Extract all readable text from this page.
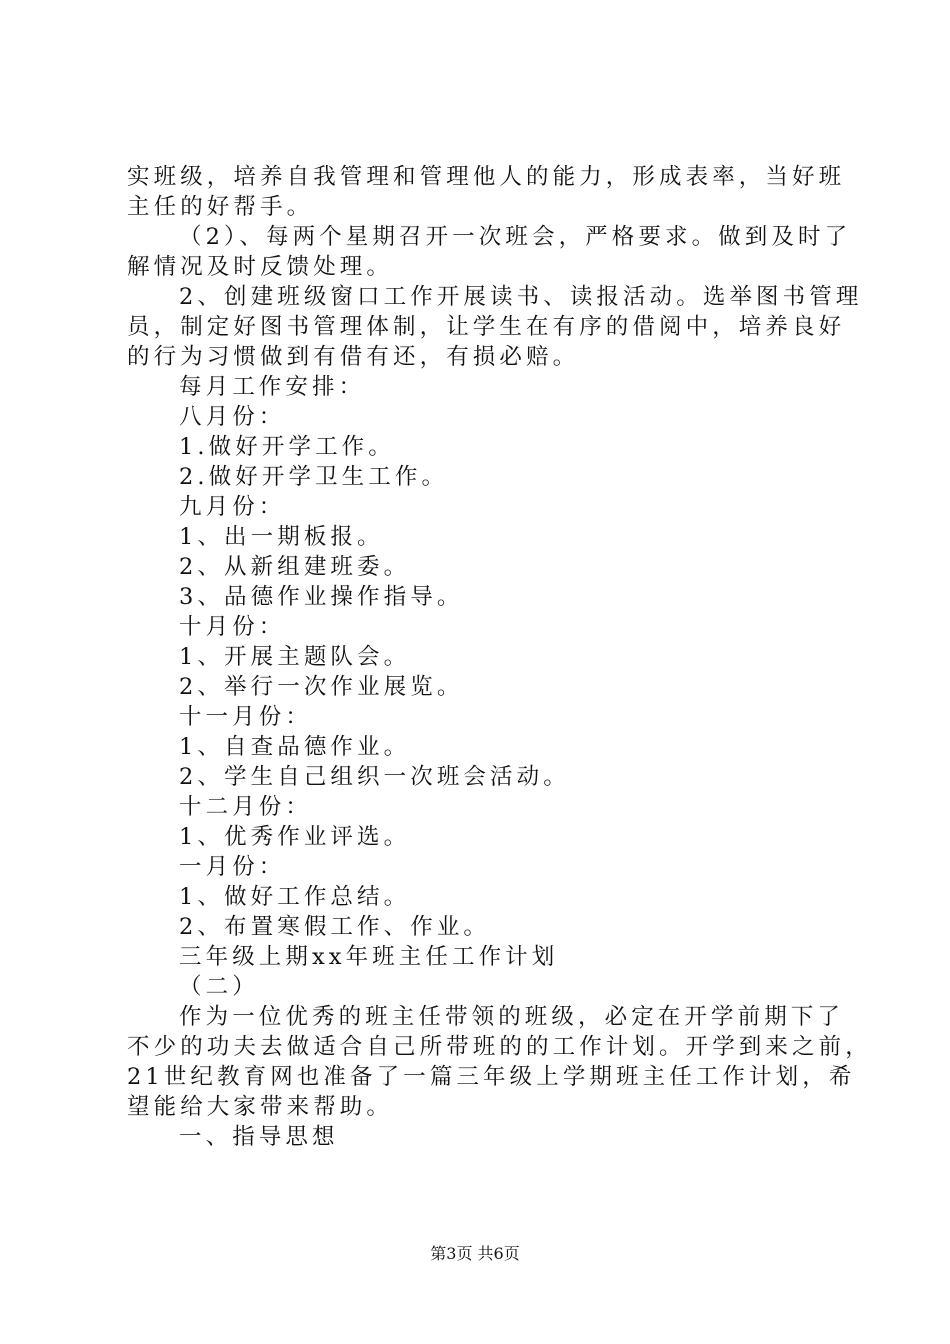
实班级，培养自我管理和管理他人的能力，形成表率，当好班
主任的好帮手。
（2）、每两个星期召开一次班会，严格要求。做到及时了
解情况及时反馈处理。
2、创建班级窗口工作开展读书、读报活动。选举图书管理
员，制定好图书管理体制，让学生在有序的借阅中，培养良好
的行为习惯做到有借有还，有损必赔。
每月工作安排：
八月份：
1.做好开学工作。
2.做好开学卫生工作。
九月份：
1、出一期板报。
2、从新组建班委。
3、品德作业操作指导。
十月份：
1、开展主题队会。
2、举行一次作业展览。
十一月份：
1、自查品德作业。
2、学生自己组织一次班会活动。
十二月份：
1、优秀作业评选。
一月份：
1、做好工作总结。
2、布置寒假工作、作业。
三年级上期xx年班主任工作计划
（二）
作为一位优秀的班主任带领的班级，必定在开学前期下了
不少的功夫去做适合自己所带班的的工作计划。开学到来之前，
21世纪教育网也准备了一篇三年级上学期班主任工作计划，希
望能给大家带来帮助。
一、指导思想
第3页 共6页
